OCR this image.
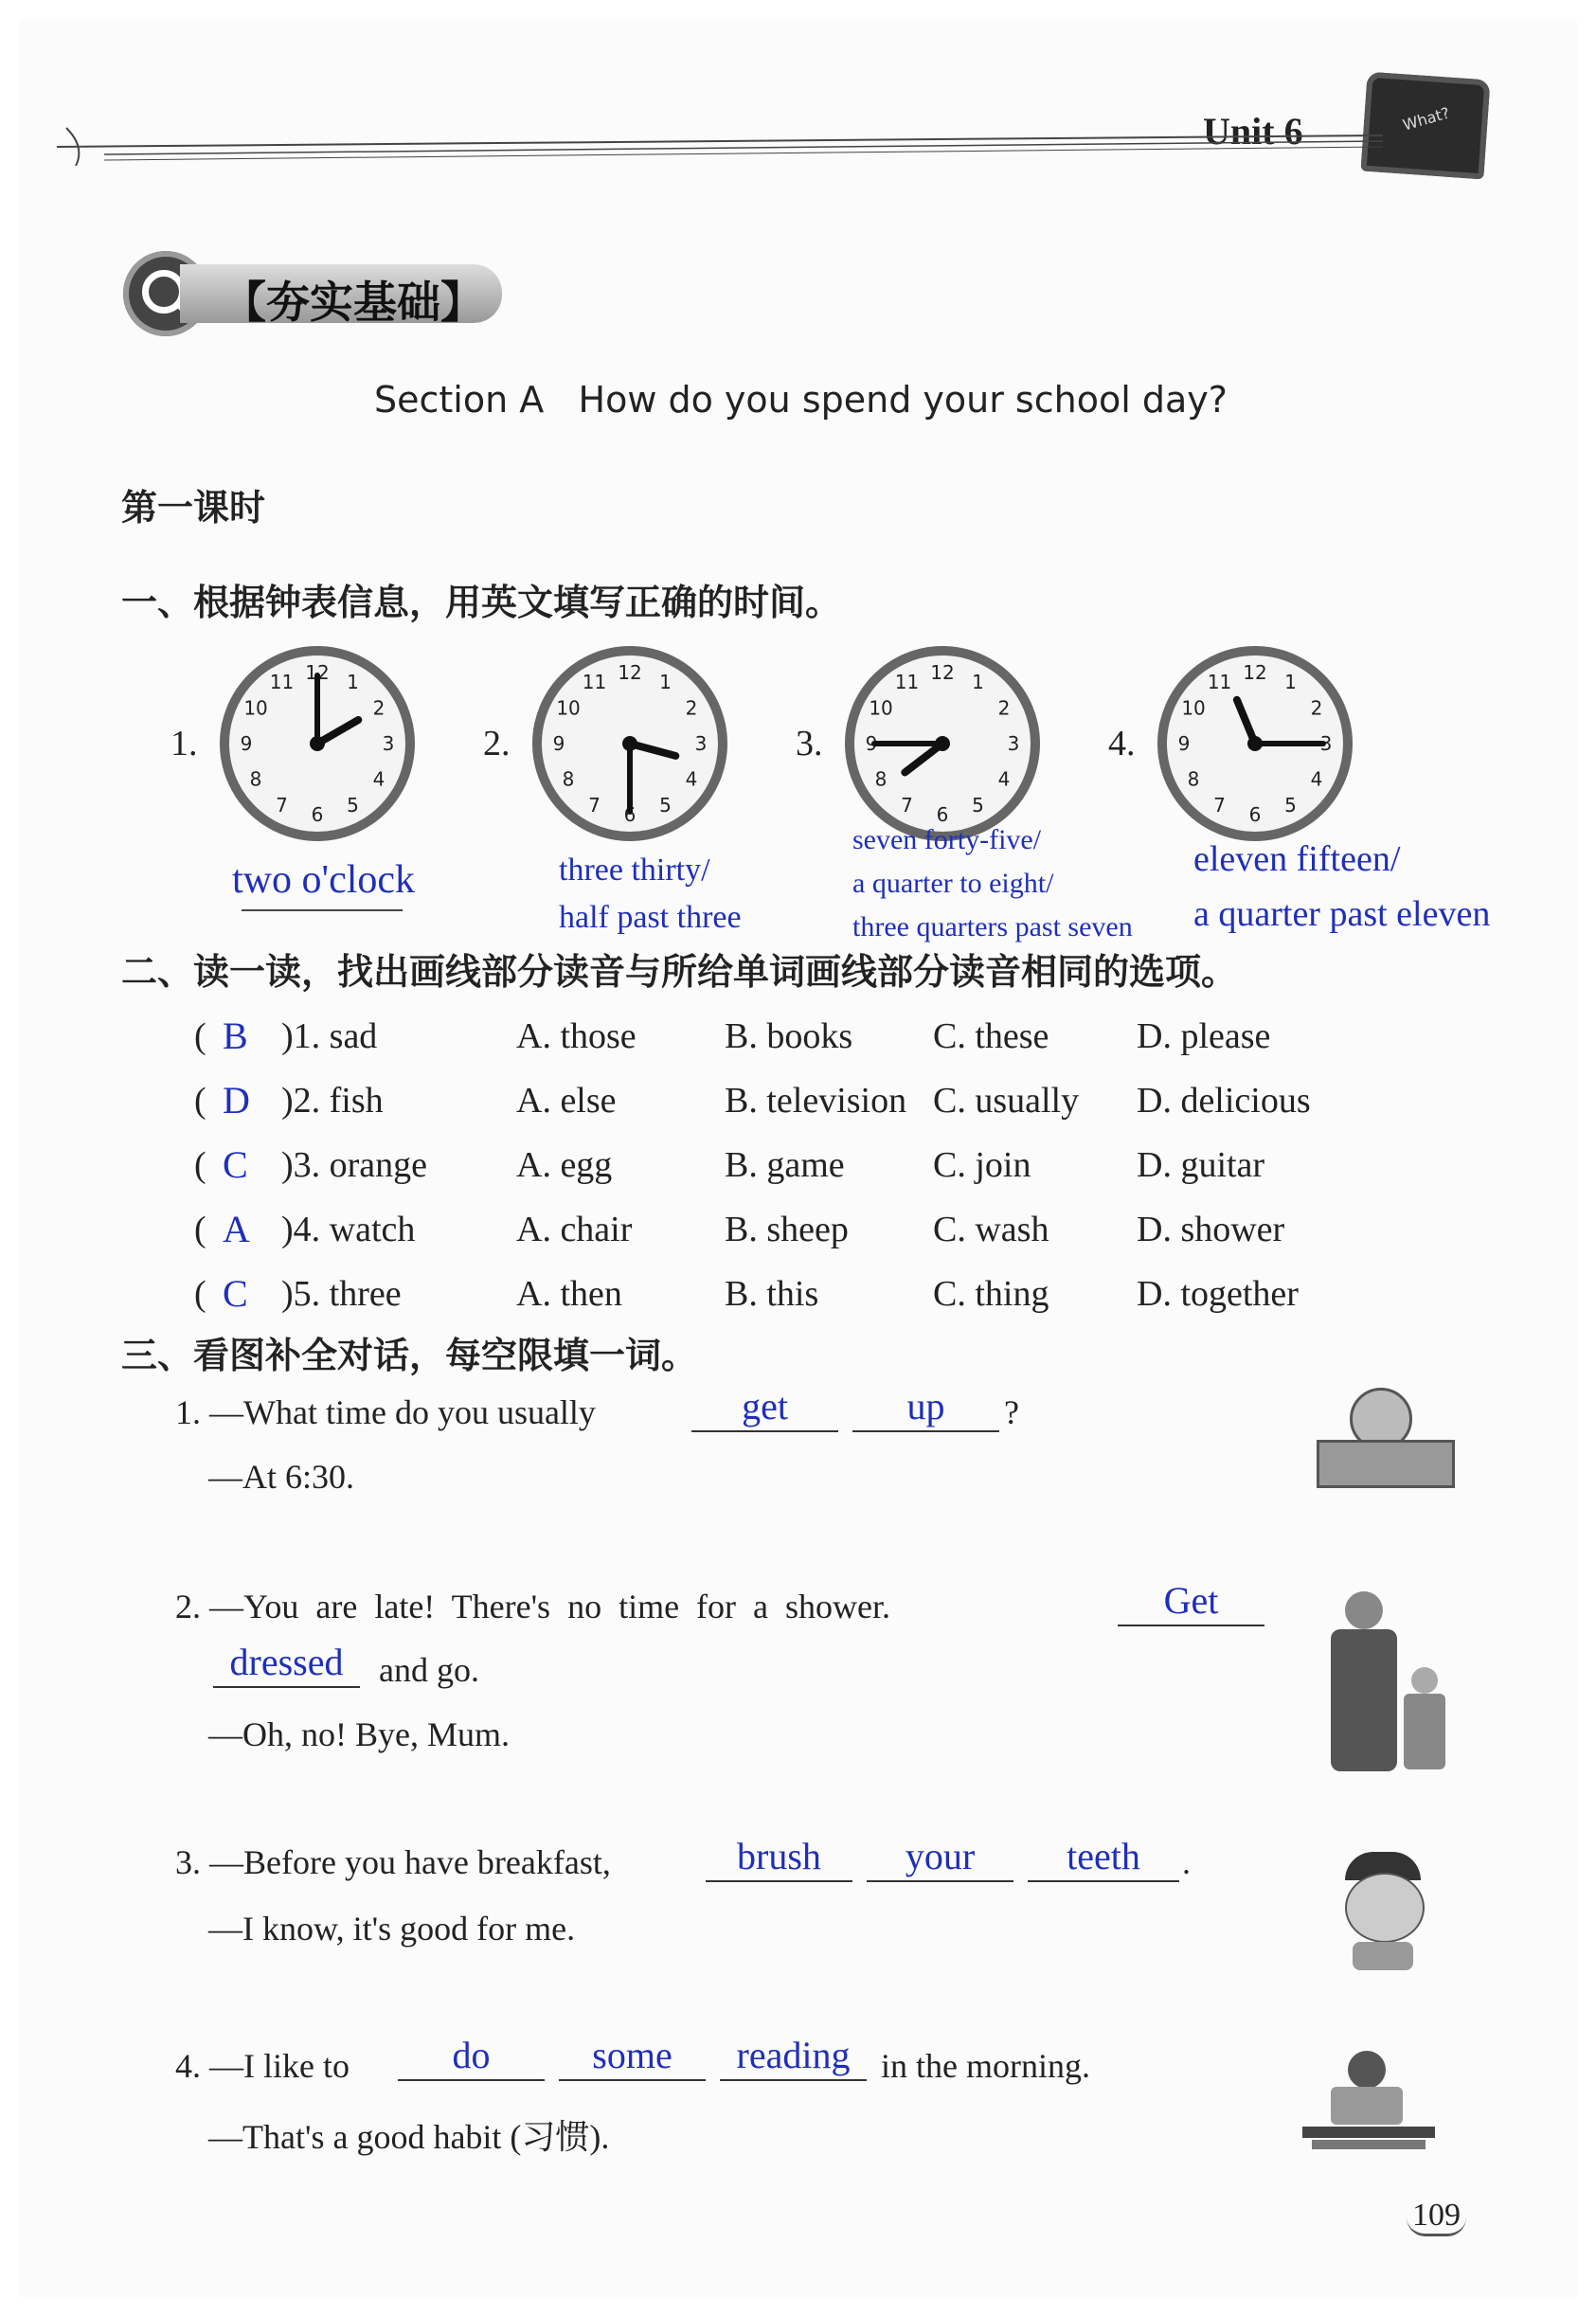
Unit 6	What?
【夯实基础】
Section A   How do you spend your school day?
第一课时
一、根据钟表信息，用英文填写正确的时间。
二、读一读，找出画线部分读音与所给单词画线部分读音相同的选项。
三、看图补全对话，每空限填一词。
1. —What time do you usually	get	up	?
—At 6:30.
2. —You  are  late!  There's  no  time  for  a  shower.	Get
dressed	and go.
—Oh, no! Bye, Mum.
3. —Before you have breakfast,	brush	your	teeth	.
—I know, it's good for me.
4. —I like to	do	some	reading in the morning.
—That's a good habit (习惯).
109
1.
12 1
2
3
4
5
6
7
8
9
10
11
two o'clock
2.
12 1
2
3
4
5
6
7
8
9
10
11
three thirty/
half past three
3.
12 1
2
3
4
5
6
7
8
9
10
11
seven forty-five/
a quarter to eight/
three quarters past seven
4.
12 1
2
3
4
5
6
7
8
9
10
11
eleven fifteen/
a quarter past eleven
( B )1. sad	A. those B. books C. these D. please
( D )2. fish	A. else	B. television C. usually D. delicious
( C )3. orange A. egg	B. game C. join	D. guitar
( A )4. watch	A. chair	B. sheep C. wash D. shower
( C )5. three	A. then	B. this	C. thing D. together
